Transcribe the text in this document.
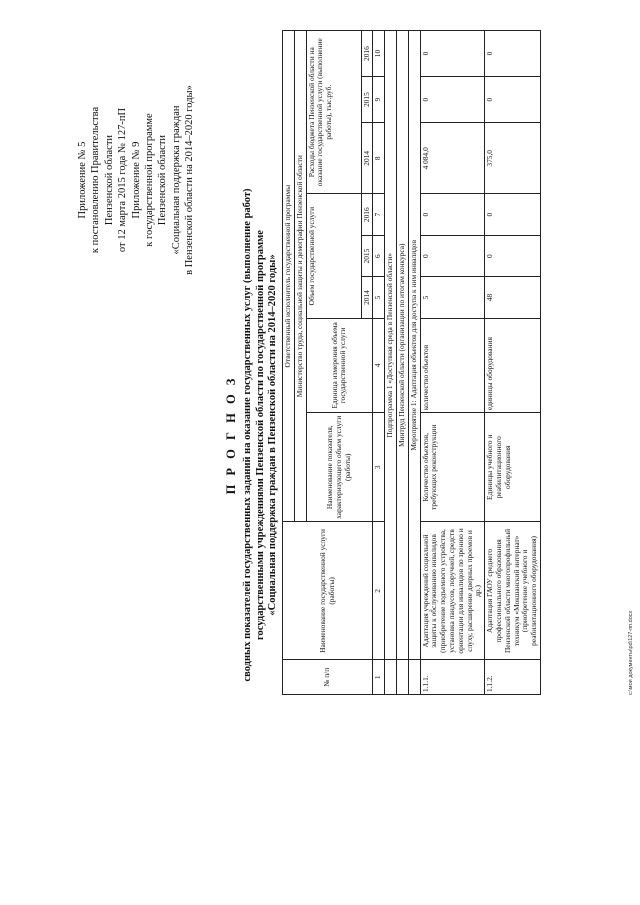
Приложение № 5 к постановлению Правительства Пензенской области от 12 марта 2015 года № 127-пП Приложение № 9 к государственной программе Пензенской области «Социальная поддержка граждан в Пензенской области на 2014–2020 годы»
П Р О Г Н О З сводных показателей государственных заданий на оказание государственных услуг (выполнение работ) государственными учреждениями Пензенской области по государственной программе «Социальная поддержка граждан в Пензенской области на 2014–2020 годы»
№ п/п	Наименование государственной услуги (работы)	Ответственный исполнитель государственной программы							
		Министерство труда, социальной защиты и демографии Пензенской области							
		Наименование показателя, характеризующего объем услуги (работы)	Единица измерения объема государственной услуги	Объем государственной услуги			Расходы бюджета Пензенской области на оказание государственной услуги (выполнение работы), тыс.руб.		
				2014	2015	2016	2014	2015	2016
1	2	3	4	5	6	7	8	9	10
	Подпрограмма 1 «Доступная среда в Пензенской области»								
	Минтруд Пензенской области (организации по итогам конкурса)								
	Мероприятие 1: Адаптация объектов для доступа к ним инвалидов								
1.1.1.	Адаптация учреждений социальной защиты к обслуживанию инвалидов (приобретение подъемного устройства, установка пандусов, поручней, средств ориентации для инвалидов по зрению и слуху, расширение дверных проемов и др.)	Количество объектов, требующих реконструкции	количество объектов	5	0	0	4 084,0	0	0
1.1.2.	Адаптация ГАОУ среднего профессионального образования Пензенской области многопрофильный техникум «Мокшанский интернат» (приобретение учебного и реабилитационного оборудования)	Единицы учебного и реабилитационного оборудования	единицы оборудования	48	0	0	375,0	0	0
c:\мои документы\pd\127-пп.docx
